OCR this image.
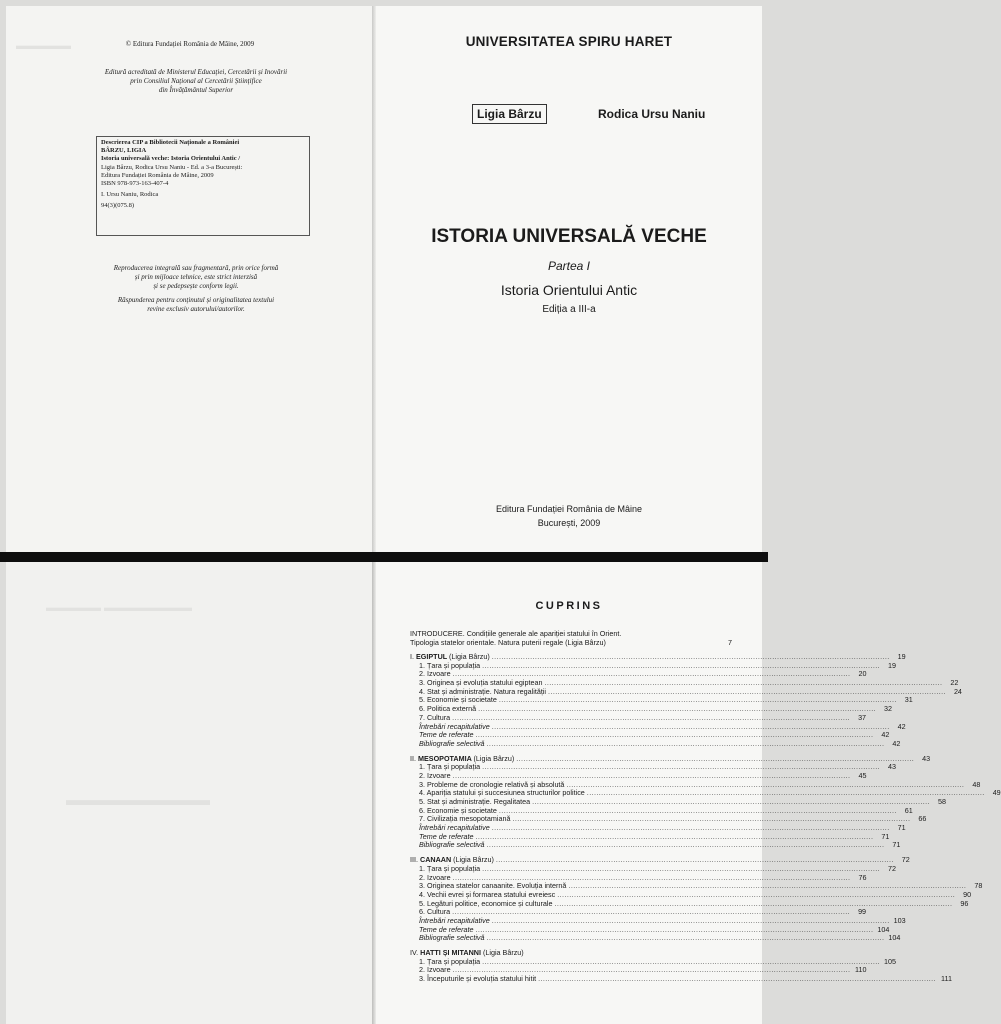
▬▬▬▬▬	© Editura Fundației România de Mâine, 2009
Editură acreditată de Ministerul Educației, Cercetării și Inovării
prin Consiliul Național al Cercetării Științifice
din Învățământul Superior
Descrierea CIP a Bibliotecii Naționale a României
BÂRZU, LIGIA
Istoria universală veche: Istoria Orientului Antic /
Ligia Bârzu, Rodica Ursu Naniu - Ed. a 3-a București:
Editura Fundației România de Mâine, 2009
ISBN 978-973-163-407-4

I. Ursu Naniu, Rodica

94(3)(075.8)
Reproducerea integrală sau fragmentară, prin orice formă
și prin mijloace tehnice, este strict interzisă
și se pedepsește conform legii.

Răspunderea pentru conținutul și originalitatea textului
revine exclusiv autorului/autorilor.
UNIVERSITATEA SPIRU HARET
Ligia Bârzu	Rodica Ursu Naniu
ISTORIA UNIVERSALĂ VECHE
Partea I
Istoria Orientului Antic
Ediția a III-a
Editura Fundației România de Mâine
București, 2009
▬▬▬▬▬ ▬▬▬▬▬▬▬▬
▬▬▬▬▬▬▬▬▬
CUPRINS
INTRODUCERE. Condițiile generale ale apariției statului în Orient.
Tipologia statelor orientale. Natura puterii regale (Ligia Bârzu)	7
I. EGIPTUL (Ligia Bârzu) .....	19
1. Țara și populația .....	19
2. Izvoare .....	20
3. Originea și evoluția statului egiptean .....	22
4. Stat și administrație. Natura regalității .....	24
5. Economie și societate .....	31
6. Politica externă .....	32
7. Cultura .....	37
Întrebări recapitulative .....	42
Teme de referate .....	42
Bibliografie selectivă .....	42
II. MESOPOTAMIA (Ligia Bârzu) .....	43
1. Țara și populația .....	43
2. Izvoare .....	45
3. Probleme de cronologie relativă și absolută .....	48
4. Apariția statului și succesiunea structurilor politice .....	49
5. Stat și administrație. Regalitatea .....	58
6. Economie și societate .....	61
7. Civilizația mesopotamiană .....	66
Întrebări recapitulative .....	71
Teme de referate .....	71
Bibliografie selectivă .....	71
III. CANAAN (Ligia Bârzu) .....	72
1. Țara și populația .....	72
2. Izvoare .....	76
3. Originea statelor canaanite. Evoluția internă .....	78
4. Vechii evrei și formarea statului evreiesc .....	90
5. Legături politice, economice și culturale .....	96
6. Cultura .....	99
Întrebări recapitulative .....	103
Teme de referate .....	104
Bibliografie selectivă .....	104
IV. HATTI ȘI MITANNI (Ligia Bârzu)
1. Țara și populația .....	105
2. Izvoare .....	110
3. Începuturile și evoluția statului hitit .....	111
